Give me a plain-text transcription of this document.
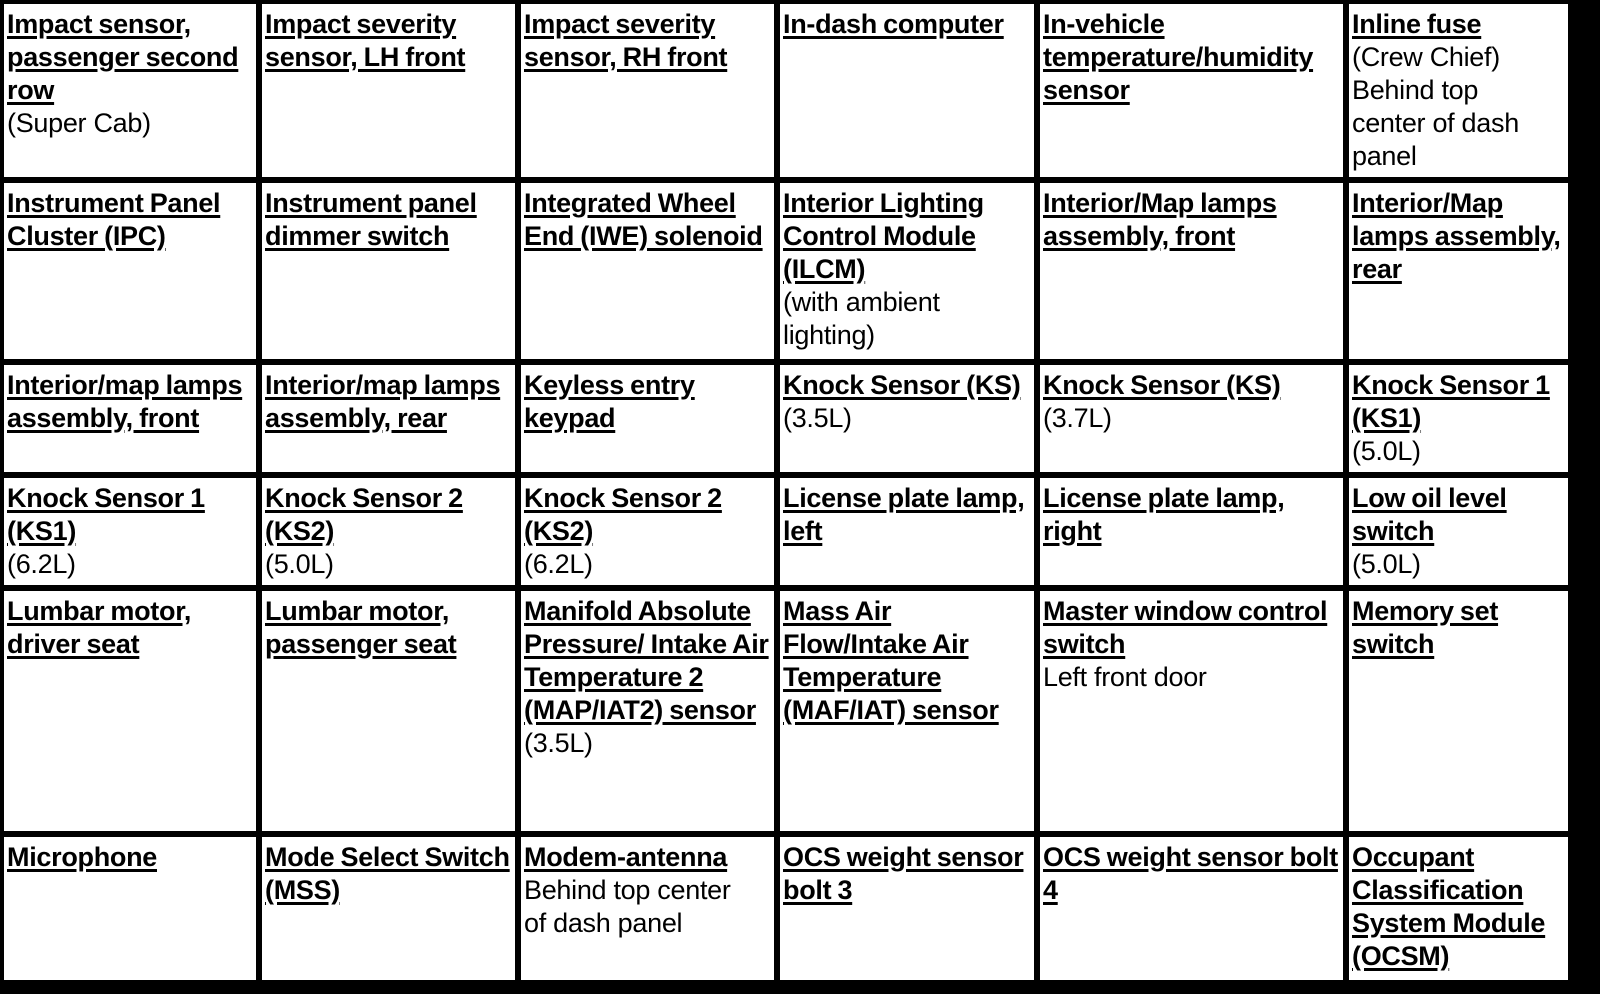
Impact sensor, passenger second row
(Super Cab)
Impact severity sensor, LH front
Impact severity sensor, RH front
In-dash computer	In-vehicle temperature/humidity sensor
Inline fuse
(Crew Chief)
Behind top
center of dash
panel
Instrument Panel Cluster (IPC)
Instrument panel dimmer switch
Integrated Wheel End (IWE) solenoid
Interior Lighting Control Module (ILCM)
(with ambient
lighting)
Interior/Map lamps assembly, front
Interior/Map lamps assembly, rear
Interior/map lamps assembly, front
Interior/map lamps assembly, rear
Keyless entry keypad
Knock Sensor (KS)
(3.5L)
Knock Sensor (KS)
(3.7L)
Knock Sensor 1 (KS1)
(5.0L)
Knock Sensor 1 (KS1)
(6.2L)
Knock Sensor 2 (KS2)
(5.0L)
Knock Sensor 2 (KS2)
(6.2L)
License plate lamp, left
License plate lamp, right
Low oil level switch
(5.0L)
Lumbar motor, driver seat
Lumbar motor, passenger seat
Manifold Absolute Pressure/ Intake Air Temperature 2 (MAP/IAT2) sensor
(3.5L)
Mass Air Flow/Intake Air Temperature (MAF/IAT) sensor
Master window control switch
Left front door
Memory set switch
Microphone	Mode Select Switch (MSS)
Modem-antenna
Behind top center
of dash panel
OCS weight sensor bolt 3
OCS weight sensor bolt 4
Occupant Classification System Module (OCSM)
